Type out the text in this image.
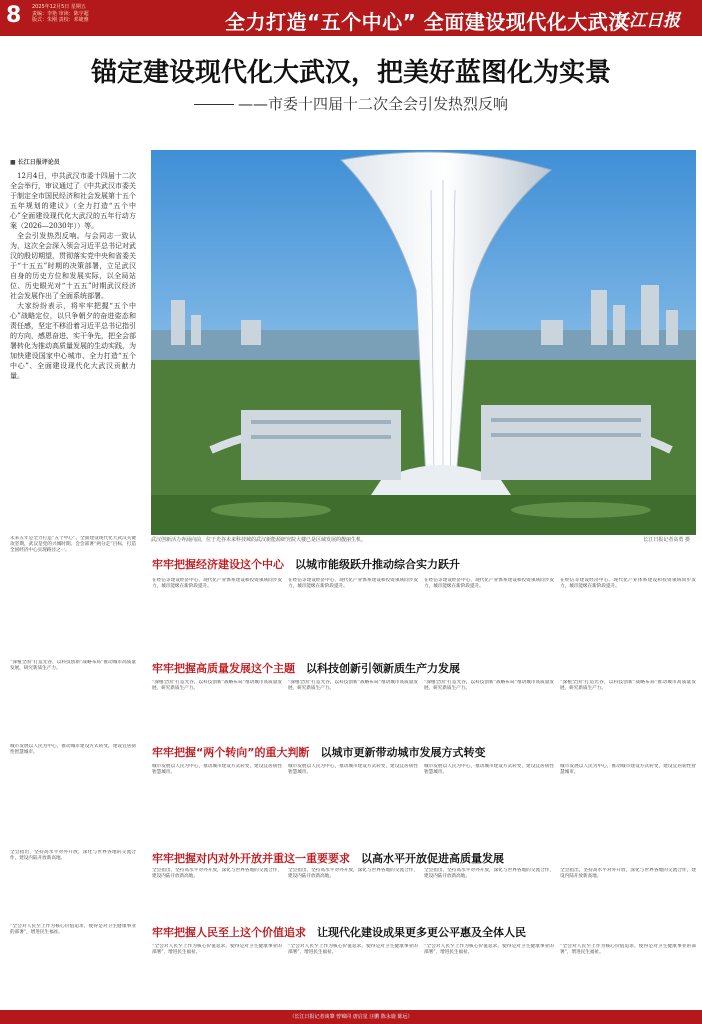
8 2025年12月5日 星期五
责编：李艳 审读：陈宇超
版式：朱刚 责校：邓婕雅	全力打造“五个中心” 全面建设现代化大武汉
长江日报
锚定建设现代化大武汉，把美好蓝图化为实景
——市委十四届十二次全会引发热烈反响
■ 长江日报评论员

12月4日，中共武汉市委十四届十二次全会举行，审议通过了《中共武汉市委关于制定全市国民经济和社会发展第十五个五年规划的建议》（全力打造“五个中心”全面建设现代化大武汉的五年行动方案（2026—2030年））等。

全会引发热烈反响。与会同志一致认为，这次全会深入领会习近平总书记对武汉的殷切期望，贯彻落实党中央和省委关于“十五五”时期的决策部署，立足武汉自身的历史方位和发展实际，以全局站位、历史眼光对“十五五”时期武汉经济社会发展作出了全面系统部署。

大家纷纷表示，将牢牢把握“五个中心”战略定位，以只争朝夕的奋进姿态和责任感，坚定不移沿着习近平总书记指引的方向，感恩奋进、实干争先，把全会部署转化为推动高质量发展的生动实践，为加快建设国家中心城市、全力打造“五个中心”、全面建设现代化大武汉贡献力量。

未来五年是全力打造“五个中心”、全面建设现代化大武汉关键攻坚期，武汉是党的兴城时期。会会部署“两分走”目标，打造全国经济中心实现路径之一。
武汉创新活力奔涌向前，位于光谷未来科技城的武汉新能源研究院大楼已是区域发展的靓丽生机。	长江日报记者高勇 摄
牢牢把握经济建设这个中心　 以城市能级跃升推动综合实力跃升
在经信等建设经济中心、现代化产业体系建设和投资领域同步发力，城市能级在新阶段提升。
在经信等建设经济中心、现代化产业体系建设和投资领域同步发力，城市能级在新阶段提升。
在经信等建设经济中心、现代化产业体系建设和投资领域同步发力，城市能级在新阶段提升。
在经信等建设经济中心、现代化产业体系建设和投资领域同步发力，城市能级在新阶段提升。
牢牢把握高质量发展这个主题　 以科技创新引领新质生产力发展
“深植全国”打造光谷，以科技创新“战略布局”推动城市高质量发展，研究新质生产力。
“深植全国”打造光谷，以科技创新“战略布局”推动城市高质量发展，研究新质生产力。
“深植全国”打造光谷，以科技创新“战略布局”推动城市高质量发展，研究新质生产力。
“深植全国”打造光谷，以科技创新“战略布局”推动城市高质量发展，研究新质生产力。
“深植全国”打造光谷，以科技创新“战略布局”推动城市高质量发展，研究新质生产力。
牢牢把握“两个转向”的重大判断　 以城市更新带动城市发展方式转变
城市发展以人民为中心，推动城市建设方式转变，建设宜居韧性智慧城市。
城市发展以人民为中心，推动城市建设方式转变，建设宜居韧性智慧城市。
城市发展以人民为中心，推动城市建设方式转变，建设宜居韧性智慧城市。
城市发展以人民为中心，推动城市建设方式转变，建设宜居韧性智慧城市。
城市发展以人民为中心，推动城市建设方式转变，建设宜居韧性智慧城市。
牢牢把握对内对外开放并重这一重要要求　 以高水平开放促进高质量发展
全会指出，坚持高水平对外开放，深化与世界各地的交流合作，建设内陆开放新高地。
全会指出，坚持高水平对外开放，深化与世界各地的交流合作，建设内陆开放新高地。
全会指出，坚持高水平对外开放，深化与世界各地的交流合作，建设内陆开放新高地。
全会指出，坚持高水平对外开放，深化与世界各地的交流合作，建设内陆开放新高地。
全会指出，坚持高水平对外开放，深化与世界各地的交流合作，建设内陆开放新高地。
牢牢把握人民至上这个价值追求　 让现代化建设成果更多更公平惠及全体人民
“全会对人民至上作为核心价值追求，使得是对卫生健康事业的部署”，增进民生福祉。
“全会对人民至上作为核心价值追求，使得是对卫生健康事业的部署”，增进民生福祉。
“全会对人民至上作为核心价值追求，使得是对卫生健康事业的部署”，增进民生福祉。
“全会对人民至上作为核心价值追求，使得是对卫生健康事业的部署”，增进民生福祉。
“全会对人民至上作为核心价值追求，使得是对卫生健康事业的部署”，增进民生福祉。
（长江日报记者谈肇 曾锦同 唐启星 汪鹏 陈永鹿 陈远）
